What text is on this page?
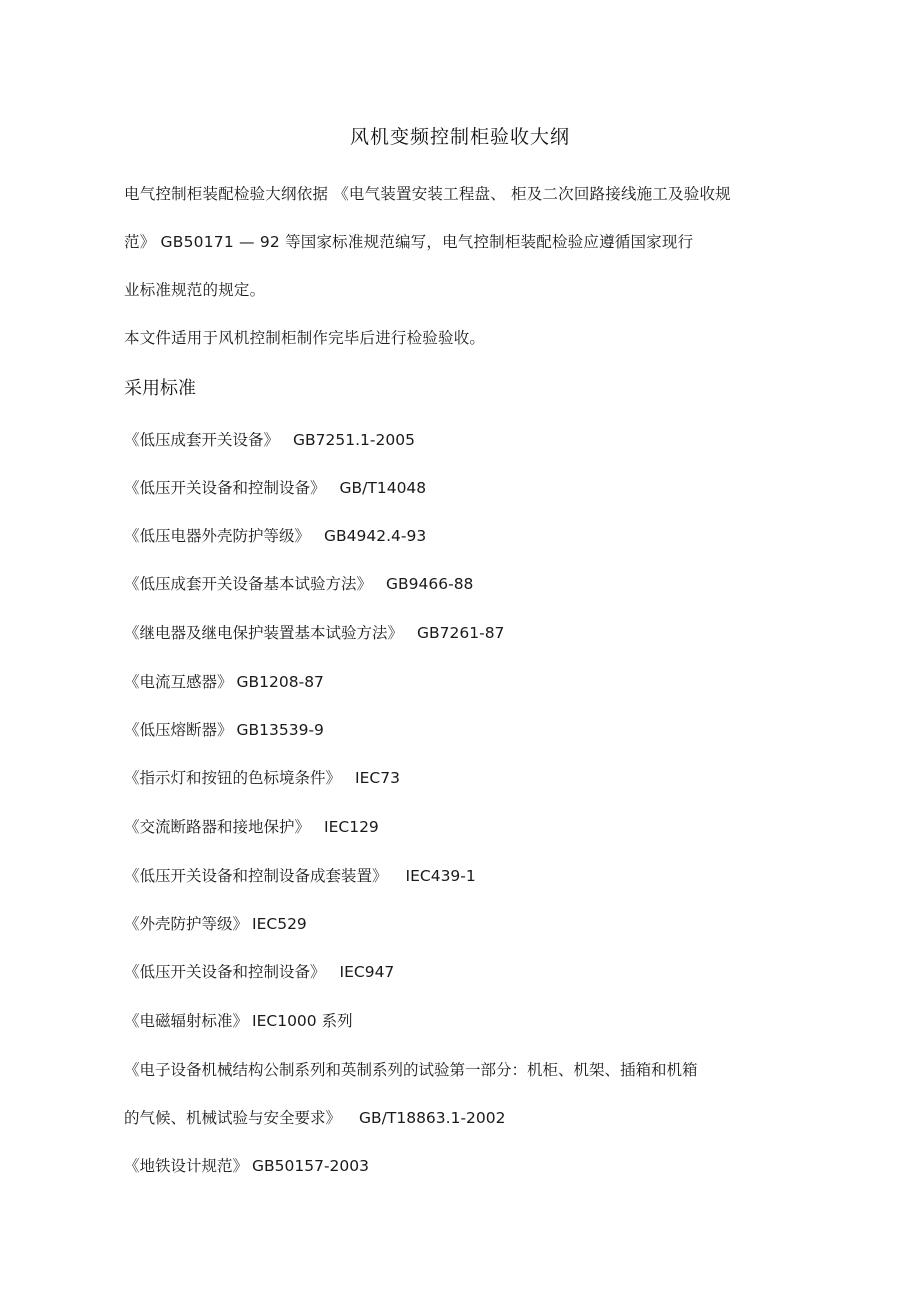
风机变频控制柜验收大纲
电气控制柜装配检验大纲依据 《电气装置安装工程盘、 柜及二次回路接线施工及验收规
范》 GB50171 — 92 等国家标准规范编写，电气控制柜装配检验应遵循国家现行
业标准规范的规定。
本文件适用于风机控制柜制作完毕后进行检验验收。
采用标准
《低压成套开关设备》 GB7251.1-2005
《低压开关设备和控制设备》 GB/T14048
《低压电器外壳防护等级》 GB4942.4-93
《低压成套开关设备基本试验方法》 GB9466-88
《继电器及继电保护装置基本试验方法》 GB7261-87
《电流互感器》 GB1208-87
《低压熔断器》 GB13539-9
《指示灯和按钮的色标境条件》 IEC73
《交流断路器和接地保护》 IEC129
《低压开关设备和控制设备成套装置》 IEC439-1
《外壳防护等级》 IEC529
《低压开关设备和控制设备》 IEC947
《电磁辐射标准》 IEC1000 系列
《电子设备机械结构公制系列和英制系列的试验第一部分：机柜、机架、插箱和机箱
的气候、机械试验与安全要求》 GB/T18863.1-2002
《地铁设计规范》 GB50157-2003
